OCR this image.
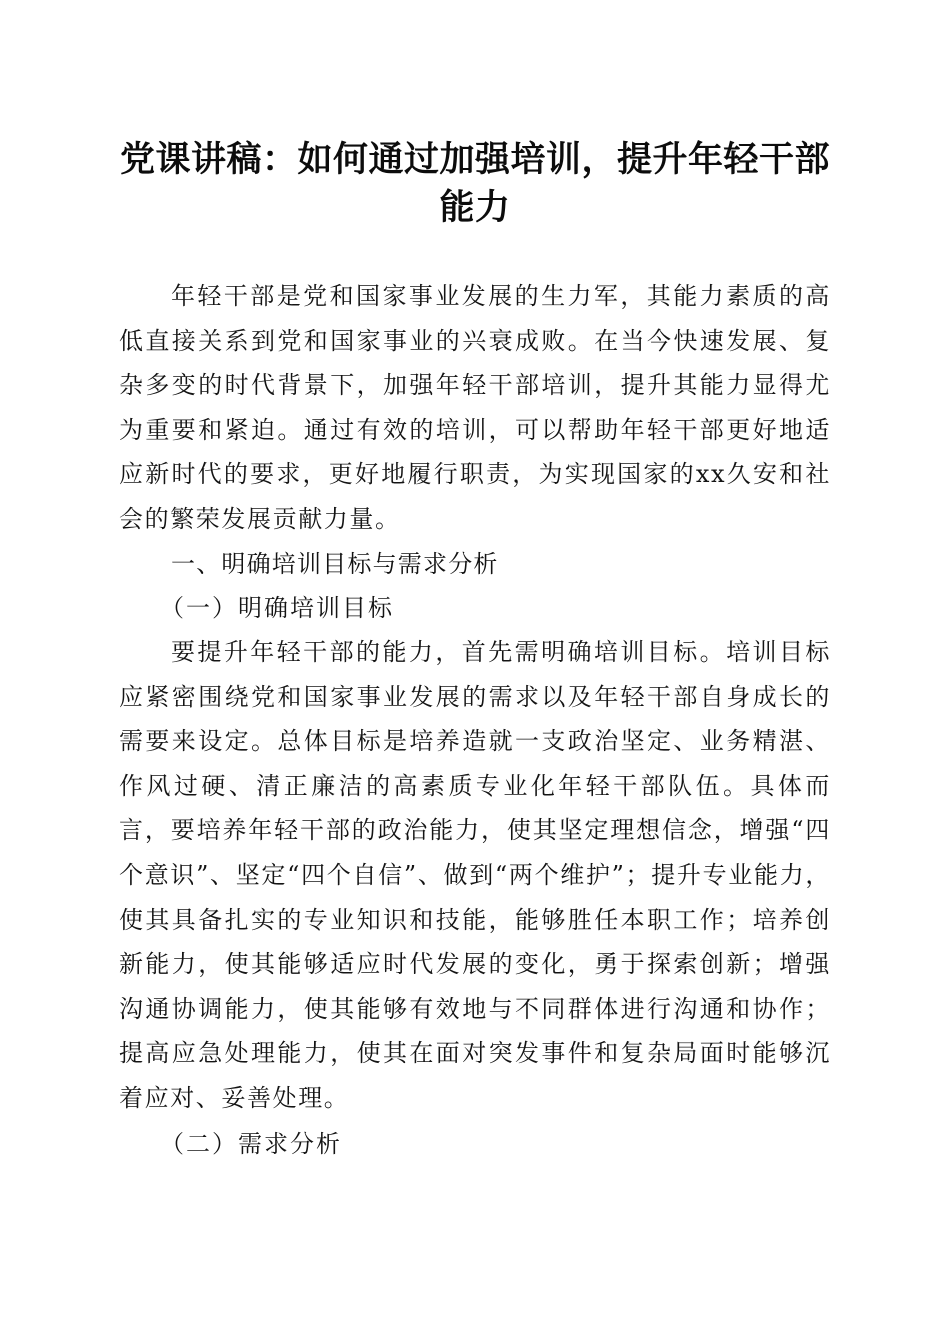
党课讲稿：如何通过加强培训，提升年轻干部能力
年轻干部是党和国家事业发展的生力军，其能力素质的高低直接关系到党和国家事业的兴衰成败。在当今快速发展、复杂多变的时代背景下，加强年轻干部培训，提升其能力显得尤为重要和紧迫。通过有效的培训，可以帮助年轻干部更好地适应新时代的要求，更好地履行职责，为实现国家的xx久安和社会的繁荣发展贡献力量。
一、明确培训目标与需求分析
（一）明确培训目标
要提升年轻干部的能力，首先需明确培训目标。培训目标应紧密围绕党和国家事业发展的需求以及年轻干部自身成长的需要来设定。总体目标是培养造就一支政治坚定、业务精湛、作风过硬、清正廉洁的高素质专业化年轻干部队伍。具体而言，要培养年轻干部的政治能力，使其坚定理想信念，增强“四个意识”、坚定“四个自信”、做到“两个维护”；提升专业能力，使其具备扎实的专业知识和技能，能够胜任本职工作；培养创新能力，使其能够适应时代发展的变化，勇于探索创新；增强沟通协调能力，使其能够有效地与不同群体进行沟通和协作；提高应急处理能力，使其在面对突发事件和复杂局面时能够沉着应对、妥善处理。
（二）需求分析
